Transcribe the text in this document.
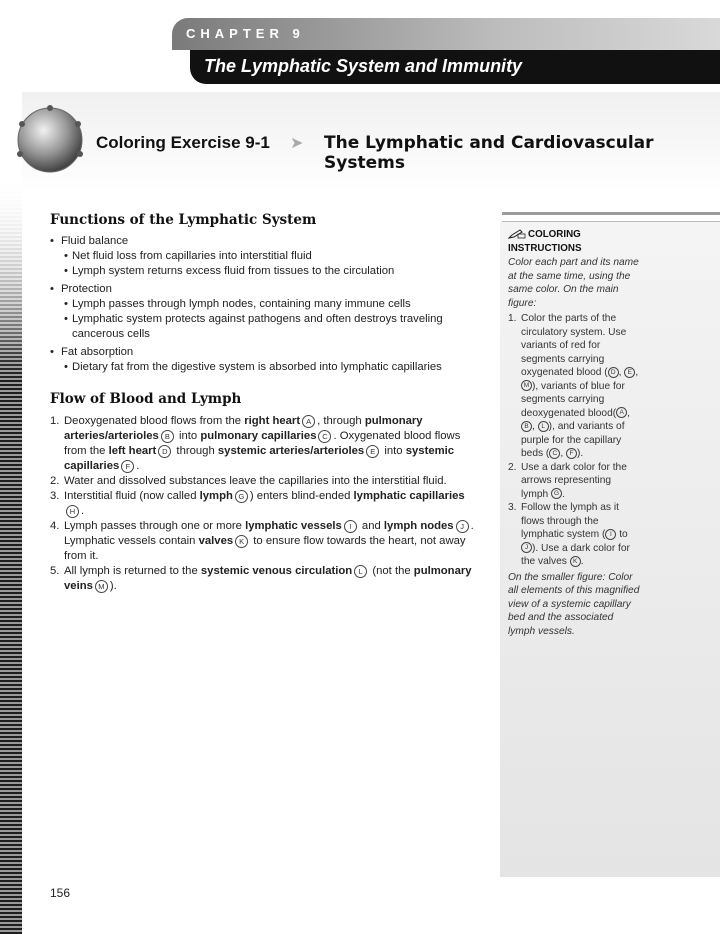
CHAPTER 9
The Lymphatic System and Immunity
Coloring Exercise 9-1 ➤ The Lymphatic and Cardiovascular Systems
Functions of the Lymphatic System
• Fluid balance
• Net fluid loss from capillaries into interstitial fluid
• Lymph system returns excess fluid from tissues to the circulation
• Protection
• Lymph passes through lymph nodes, containing many immune cells
• Lymphatic system protects against pathogens and often destroys traveling cancerous cells
• Fat absorption
• Dietary fat from the digestive system is absorbed into lymphatic capillaries
Flow of Blood and Lymph
1. Deoxygenated blood flows from the right heart A , through pulmonary arteries/arterioles B into pulmonary capillaries C . Oxygenated blood flows from the left heart D through systemic arteries/arterioles E into systemic capillaries F .
2. Water and dissolved substances leave the capillaries into the interstitial fluid.
3. Interstitial fluid (now called lymph G ) enters blind-ended lymphatic capillariesH .
4. Lymph passes through one or more lymphatic vessels I and lymph nodes J . Lymphatic vessels contain valves K to ensure flow towards the heart, not away from it.
5. All lymph is returned to the systemic venous circulation L (not the pulmonary veins M ).
COLORING INSTRUCTIONS
Color each part and its name at the same time, using the same color. On the main figure:
1. Color the parts of the circulatory system. Use variants of red for segments carrying oxygenated blood ( D , E , M ), variants of blue for segments carrying deoxygenated blood( A , B , L ), and variants of purple for the capillary beds ( C , F ).
2. Use a dark color for the arrows representing lymph G .
3. Follow the lymph as it flows through the lymphatic system ( I to J ). Use a dark color for the valves K .
On the smaller figure: Color all elements of this magnified view of a systemic capillary bed and the associated lymph vessels.
156
